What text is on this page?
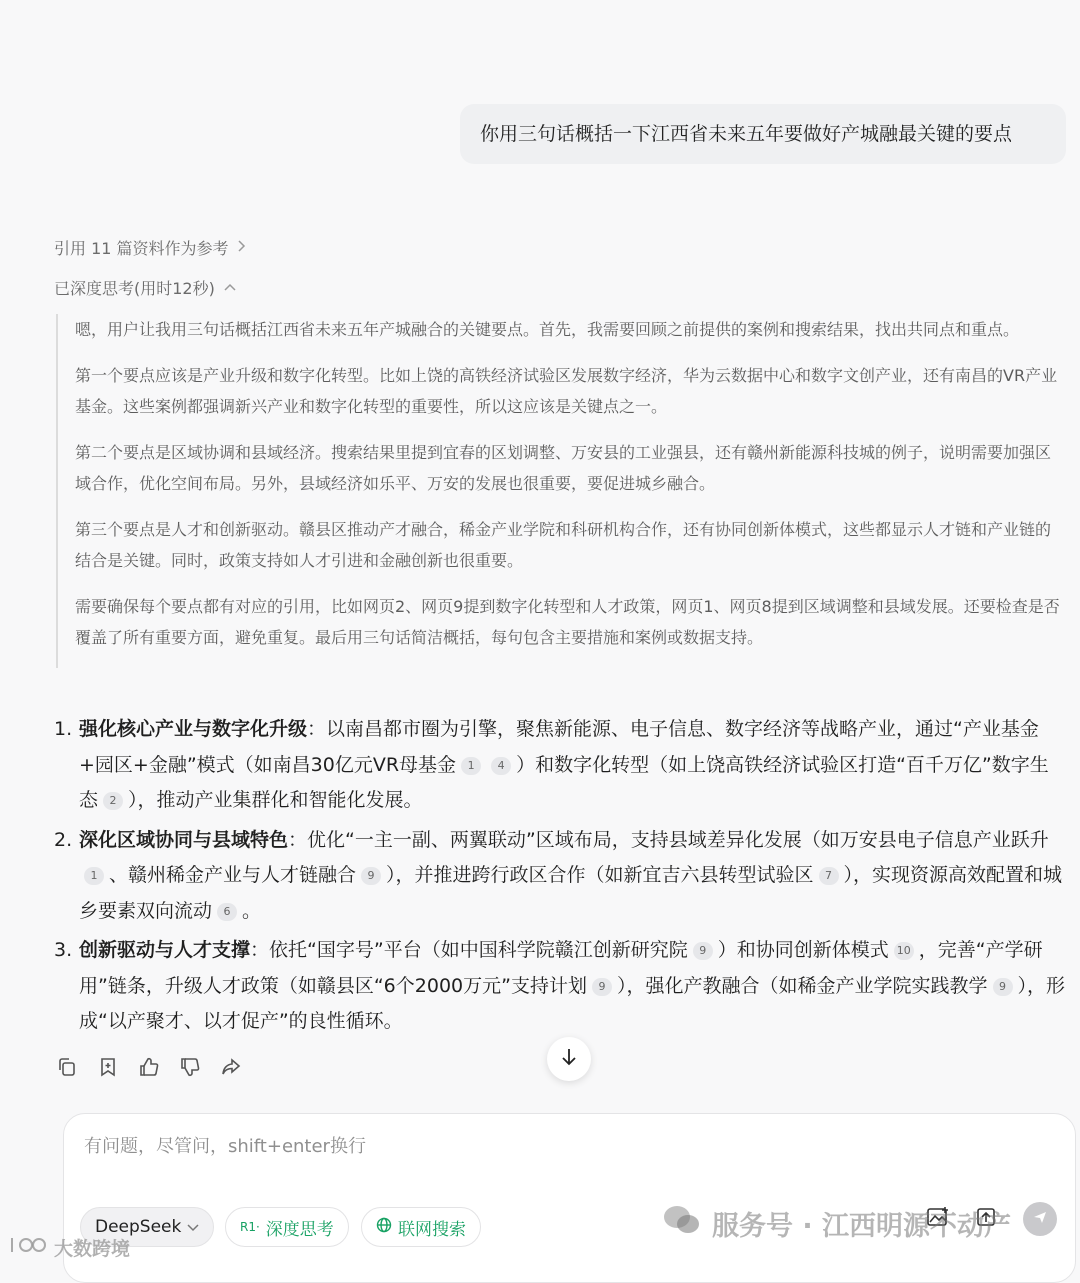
你用三句话概括一下江西省未来五年要做好产城融最关键的要点
引用 11 篇资料作为参考
已深度思考(用时12秒)

嗯，用户让我用三句话概括江西省未来五年产城融合的关键要点。首先，我需要回顾之前提供的案例和搜索结果，找出共同点和重点。

第一个要点应该是产业升级和数字化转型。比如上饶的高铁经济试验区发展数字经济，华为云数据中心和数字文创产业，还有南昌的VR产业基金。这些案例都强调新兴产业和数字化转型的重要性，所以这应该是关键点之一。

第二个要点是区域协调和县域经济。搜索结果里提到宜春的区划调整、万安县的工业强县，还有赣州新能源科技城的例子，说明需要加强区域合作，优化空间布局。另外，县域经济如乐平、万安的发展也很重要，要促进城乡融合。

第三个要点是人才和创新驱动。赣县区推动产才融合，稀金产业学院和科研机构合作，还有协同创新体模式，这些都显示人才链和产业链的结合是关键。同时，政策支持如人才引进和金融创新也很重要。

需要确保每个要点都有对应的引用，比如网页2、网页9提到数字化转型和人才政策，网页1、网页8提到区域调整和县域发展。还要检查是否覆盖了所有重要方面，避免重复。最后用三句话简洁概括，每句包含主要措施和案例或数据支持。

1. 强化核心产业与数字化升级：以南昌都市圈为引擎，聚焦新能源、电子信息、数字经济等战略产业，通过“产业基金+园区+金融”模式（如南昌30亿元VR母基金 1 4 ）和数字化转型（如上饶高铁经济试验区打造“百千万亿”数字生态 2 ），推动产业集群化和智能化发展。
2. 深化区域协同与县域特色：优化“一主一副、两翼联动”区域布局，支持县域差异化发展（如万安县电子信息产业跃升1 、赣州稀金产业与人才链融合 9 ），并推进跨行政区合作（如新宜吉六县转型试验区 7 ），实现资源高效配置和城乡要素双向流动 6 。
3. 创新驱动与人才支撑：依托“国字号”平台（如中国科学院赣江创新研究院 9 ）和协同创新体模式 10 ，完善“产学研用”链条，升级人才政策（如赣县区“6个2000万元”支持计划 9 ），强化产教融合（如稀金产业学院实践教学 9 ），形成“以产聚才、以才促产”的良性循环。
有问题，尽管问，shift+enter换行
DeepSeek	R1· 深度思考	联网搜索	服务号 · 江西明源不动产
大数跨境
